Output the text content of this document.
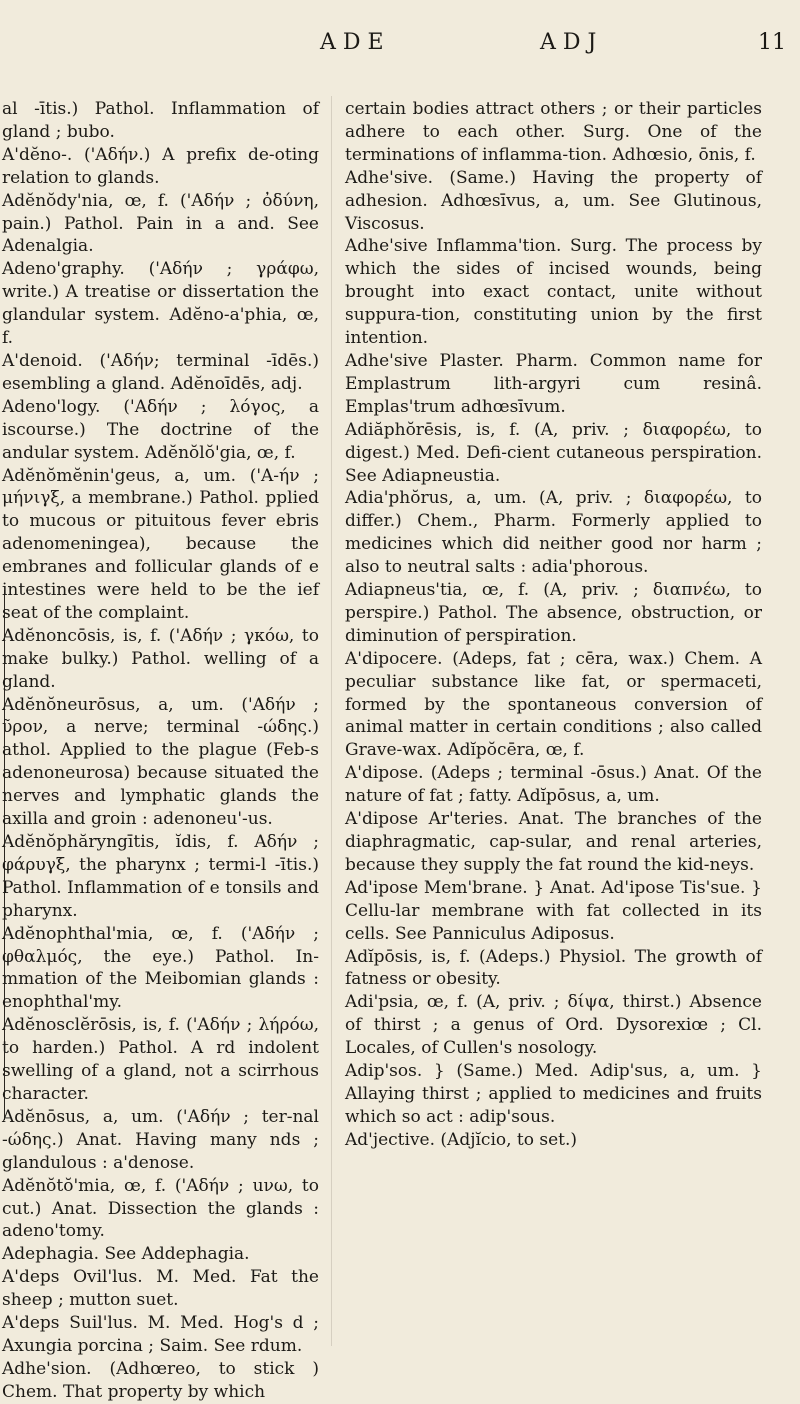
ADE	ADJ	11

al -ītis.) Pathol. Inflammation of gland ; bubo.

A'dĕno-. ('Αδήν.) A prefix de-oting relation to glands.

Adĕnŏdy'nia, œ, f. ('Αδήν ; ὀδύνη, pain.) Pathol. Pain in a and. See Adenalgia.

Adeno'graphy. ('Αδήν ; γράφω, write.) A treatise or dissertation the glandular system. Adĕno-a'phia, œ, f.

A'denoid. ('Αδήν; terminal -īdēs.) esembling a gland. Adĕnoīdēs, adj.

Adeno'logy. ('Αδήν ; λόγος, a iscourse.) The doctrine of the andular system. Adĕnŏlŏ'gia, œ, f.

Adĕnŏmĕnin'geus, a, um. ('A-ήν ; μήνιγξ, a membrane.) Pathol. pplied to mucous or pituitous fever ebris adenomeningea), because the embranes and follicular glands of e intestines were held to be the ief seat of the complaint.

Adĕnoncōsis, is, f. ('Αδήν ; γκόω, to make bulky.) Pathol. welling of a gland.

Adĕnŏneurōsus, a, um. ('Αδήν ; ῦρον, a nerve; terminal -ώδης.) athol. Applied to the plague (Feb-s adenoneurosa) because situated the nerves and lymphatic glands the axilla and groin : adenoneu'-us.

Adĕnŏphăryngītis, ĭdis, f. Αδήν ; φάρυγξ, the pharynx ; termi-l -ītis.) Pathol. Inflammation of e tonsils and pharynx.

Adĕnophthal'mia, œ, f. ('Αδήν ; φθαλμός, the eye.) Pathol. In-mmation of the Meibomian glands : enophthal'my.

Adĕnosclĕrōsis, is, f. ('Αδήν ; λήρόω, to harden.) Pathol. A rd indolent swelling of a gland, not a scirrhous character.

Adĕnōsus, a, um. ('Αδήν ; ter-nal -ώδης.) Anat. Having many nds ; glandulous : a'denose.

Adĕnŏtŏ'mia, œ, f. ('Αδήν ; uνω, to cut.) Anat. Dissection the glands : adeno'tomy.

Adephagia. See Addephagia.

A'deps Ovil'lus. M. Med. Fat the sheep ; mutton suet.

A'deps Suil'lus. M. Med. Hog's d ; Axungia porcina ; Saim. See rdum.

Adhe'sion. (Adhœreo, to stick ) Chem. That property by which

certain bodies attract others ; or their particles adhere to each other. Surg. One of the terminations of inflamma-tion. Adhœsio, ōnis, f.

Adhe'sive. (Same.) Having the property of adhesion. Adhœsīvus, a, um. See Glutinous, Viscosus.

Adhe'sive Inflamma'tion. Surg. The process by which the sides of incised wounds, being brought into exact contact, unite without suppura-tion, constituting union by the first intention.

Adhe'sive Plaster. Pharm. Common name for Emplastrum lith-argyri cum resinâ. Emplas'trum adhœsīvum.

Adiăphŏrēsis, is, f. (A, priv. ; διαφορέω, to digest.) Med. Defi-cient cutaneous perspiration. See Adiapneustia.

Adia'phŏrus, a, um. (A, priv. ; διαφορέω, to differ.) Chem., Pharm. Formerly applied to medicines which did neither good nor harm ; also to neutral salts : adia'phorous.

Adiapneus'tia, œ, f. (A, priv. ; διαπνέω, to perspire.) Pathol. The absence, obstruction, or diminution of perspiration.

A'dipocere. (Adeps, fat ; cēra, wax.) Chem. A peculiar substance like fat, or spermaceti, formed by the spontaneous conversion of animal matter in certain conditions ; also called Grave-wax. Adĭpŏcēra, œ, f.

A'dipose. (Adeps ; terminal -ōsus.) Anat. Of the nature of fat ; fatty. Adĭpōsus, a, um.

A'dipose Ar'teries. Anat. The branches of the diaphragmatic, cap-sular, and renal arteries, because they supply the fat round the kid-neys.

Ad'ipose Mem'brane. } Anat. Ad'ipose Tis'sue. } Cellu-lar membrane with fat collected in its cells. See Panniculus Adiposus.

Adĭpōsis, is, f. (Adeps.) Physiol. The growth of fatness or obesity.

Adi'psia, œ, f. (A, priv. ; δίψα, thirst.) Absence of thirst ; a genus of Ord. Dysorexiœ ; Cl. Locales, of Cullen's nosology.

Adip'sos. } (Same.) Med. Adip'sus, a, um. } Allaying thirst ; applied to medicines and fruits which so act : adip'sous.

Ad'jective. (Adjĭcio, to set.)
